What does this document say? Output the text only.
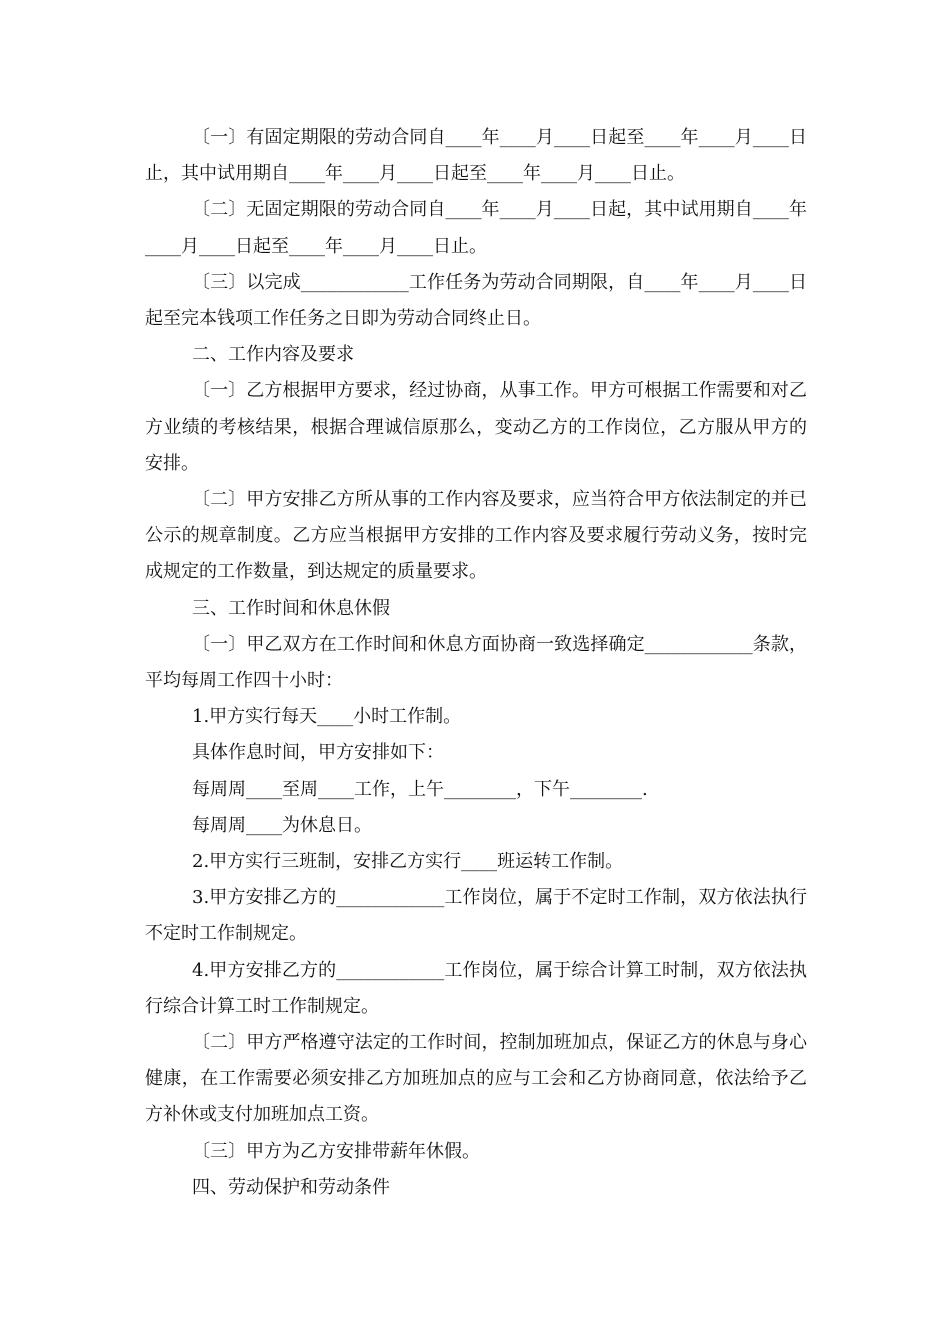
〔一〕有固定期限的劳动合同自____年____月____日起至____年____月____日止，其中试用期自____年____月____日起至____年____月____日止。

〔二〕无固定期限的劳动合同自____年____月____日起，其中试用期自____年____月____日起至____年____月____日止。

〔三〕以完成____________工作任务为劳动合同期限，自____年____月____日起至完本钱项工作任务之日即为劳动合同终止日。

二、工作内容及要求

〔一〕乙方根据甲方要求，经过协商，从事工作。甲方可根据工作需要和对乙方业绩的考核结果，根据合理诚信原那么，变动乙方的工作岗位，乙方服从甲方的安排。

〔二〕甲方安排乙方所从事的工作内容及要求，应当符合甲方依法制定的并已公示的规章制度。乙方应当根据甲方安排的工作内容及要求履行劳动义务，按时完成规定的工作数量，到达规定的质量要求。

三、工作时间和休息休假

〔一〕甲乙双方在工作时间和休息方面协商一致选择确定____________条款，平均每周工作四十小时：

1.甲方实行每天____小时工作制。

具体作息时间，甲方安排如下：

每周周____至周____工作，上午________，下午________.

每周周____为休息日。

2.甲方实行三班制，安排乙方实行____班运转工作制。

3.甲方安排乙方的____________工作岗位，属于不定时工作制，双方依法执行不定时工作制规定。

4.甲方安排乙方的____________工作岗位，属于综合计算工时制，双方依法执行综合计算工时工作制规定。

〔二〕甲方严格遵守法定的工作时间，控制加班加点，保证乙方的休息与身心健康，在工作需要必须安排乙方加班加点的应与工会和乙方协商同意，依法给予乙方补休或支付加班加点工资。

〔三〕甲方为乙方安排带薪年休假。

四、劳动保护和劳动条件
